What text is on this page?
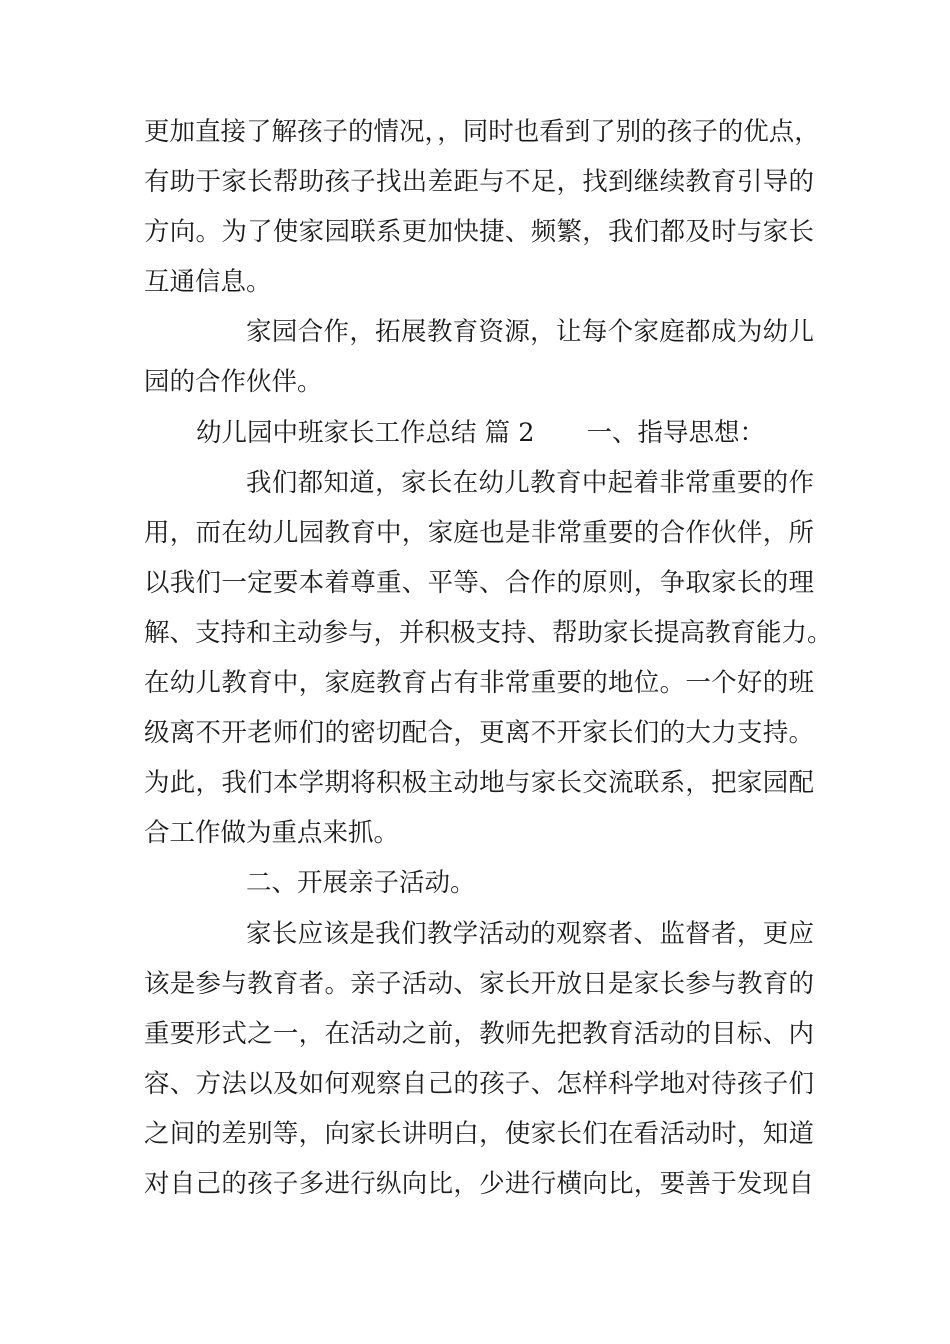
更加直接了解孩子的情况，，同时也看到了别的孩子的优点，
有助于家长帮助孩子找出差距与不足，找到继续教育引导的
方向。为了使家园联系更加快捷、频繁，我们都及时与家长
互通信息。
家园合作，拓展教育资源，让每个家庭都成为幼儿
园的合作伙伴。
幼儿园中班家长工作总结 篇 2 一、指导思想：
我们都知道，家长在幼儿教育中起着非常重要的作
用，而在幼儿园教育中，家庭也是非常重要的合作伙伴，所
以我们一定要本着尊重、平等、合作的原则，争取家长的理
解、支持和主动参与，并积极支持、帮助家长提高教育能力。
在幼儿教育中，家庭教育占有非常重要的地位。一个好的班
级离不开老师们的密切配合，更离不开家长们的大力支持。
为此，我们本学期将积极主动地与家长交流联系，把家园配
合工作做为重点来抓。
二、开展亲子活动。
家长应该是我们教学活动的观察者、监督者，更应
该是参与教育者。亲子活动、家长开放日是家长参与教育的
重要形式之一，在活动之前，教师先把教育活动的目标、内
容、方法以及如何观察自己的孩子、怎样科学地对待孩子们
之间的差别等，向家长讲明白，使家长们在看活动时，知道
对自己的孩子多进行纵向比，少进行横向比，要善于发现自
